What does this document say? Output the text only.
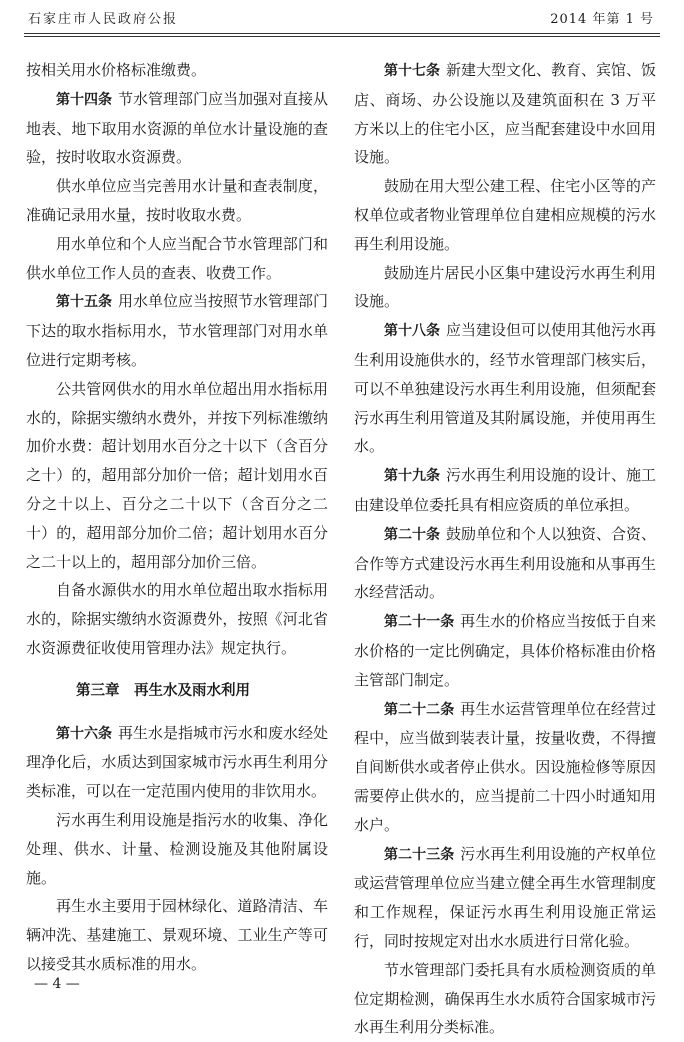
石家庄市人民政府公报	2014 年第 1 号

按相关用水价格标准缴费。

第十四条 节水管理部门应当加强对直接从地表、地下取用水资源的单位水计量设施的查验，按时收取水资源费。

供水单位应当完善用水计量和查表制度，准确记录用水量，按时收取水费。

用水单位和个人应当配合节水管理部门和供水单位工作人员的查表、收费工作。

第十五条 用水单位应当按照节水管理部门下达的取水指标用水，节水管理部门对用水单位进行定期考核。

公共管网供水的用水单位超出用水指标用水的，除据实缴纳水费外，并按下列标准缴纳加价水费：超计划用水百分之十以下（含百分之十）的，超用部分加价一倍；超计划用水百分之十以上、百分之二十以下（含百分之二十）的，超用部分加价二倍；超计划用水百分之二十以上的，超用部分加价三倍。

自备水源供水的用水单位超出取水指标用水的，除据实缴纳水资源费外，按照《河北省水资源费征收使用管理办法》规定执行。

第三章　再生水及雨水利用

第十六条 再生水是指城市污水和废水经处理净化后，水质达到国家城市污水再生利用分类标准，可以在一定范围内使用的非饮用水。

污水再生利用设施是指污水的收集、净化处理、供水、计量、检测设施及其他附属设施。

再生水主要用于园林绿化、道路清洁、车辆冲洗、基建施工、景观环境、工业生产等可以接受其水质标准的用水。

第十七条 新建大型文化、教育、宾馆、饭店、商场、办公设施以及建筑面积在 3 万平方米以上的住宅小区，应当配套建设中水回用设施。

鼓励在用大型公建工程、住宅小区等的产权单位或者物业管理单位自建相应规模的污水再生利用设施。

鼓励连片居民小区集中建设污水再生利用设施。

第十八条 应当建设但可以使用其他污水再生利用设施供水的，经节水管理部门核实后，可以不单独建设污水再生利用设施，但须配套污水再生利用管道及其附属设施，并使用再生水。

第十九条 污水再生利用设施的设计、施工由建设单位委托具有相应资质的单位承担。

第二十条 鼓励单位和个人以独资、合资、合作等方式建设污水再生利用设施和从事再生水经营活动。

第二十一条 再生水的价格应当按低于自来水价格的一定比例确定，具体价格标准由价格主管部门制定。

第二十二条 再生水运营管理单位在经营过程中，应当做到装表计量，按量收费，不得擅自间断供水或者停止供水。因设施检修等原因需要停止供水的，应当提前二十四小时通知用水户。

第二十三条 污水再生利用设施的产权单位或运营管理单位应当建立健全再生水管理制度和工作规程，保证污水再生利用设施正常运行，同时按规定对出水水质进行日常化验。

节水管理部门委托具有水质检测资质的单位定期检测，确保再生水水质符合国家城市污水再生利用分类标准。

— 4 —
